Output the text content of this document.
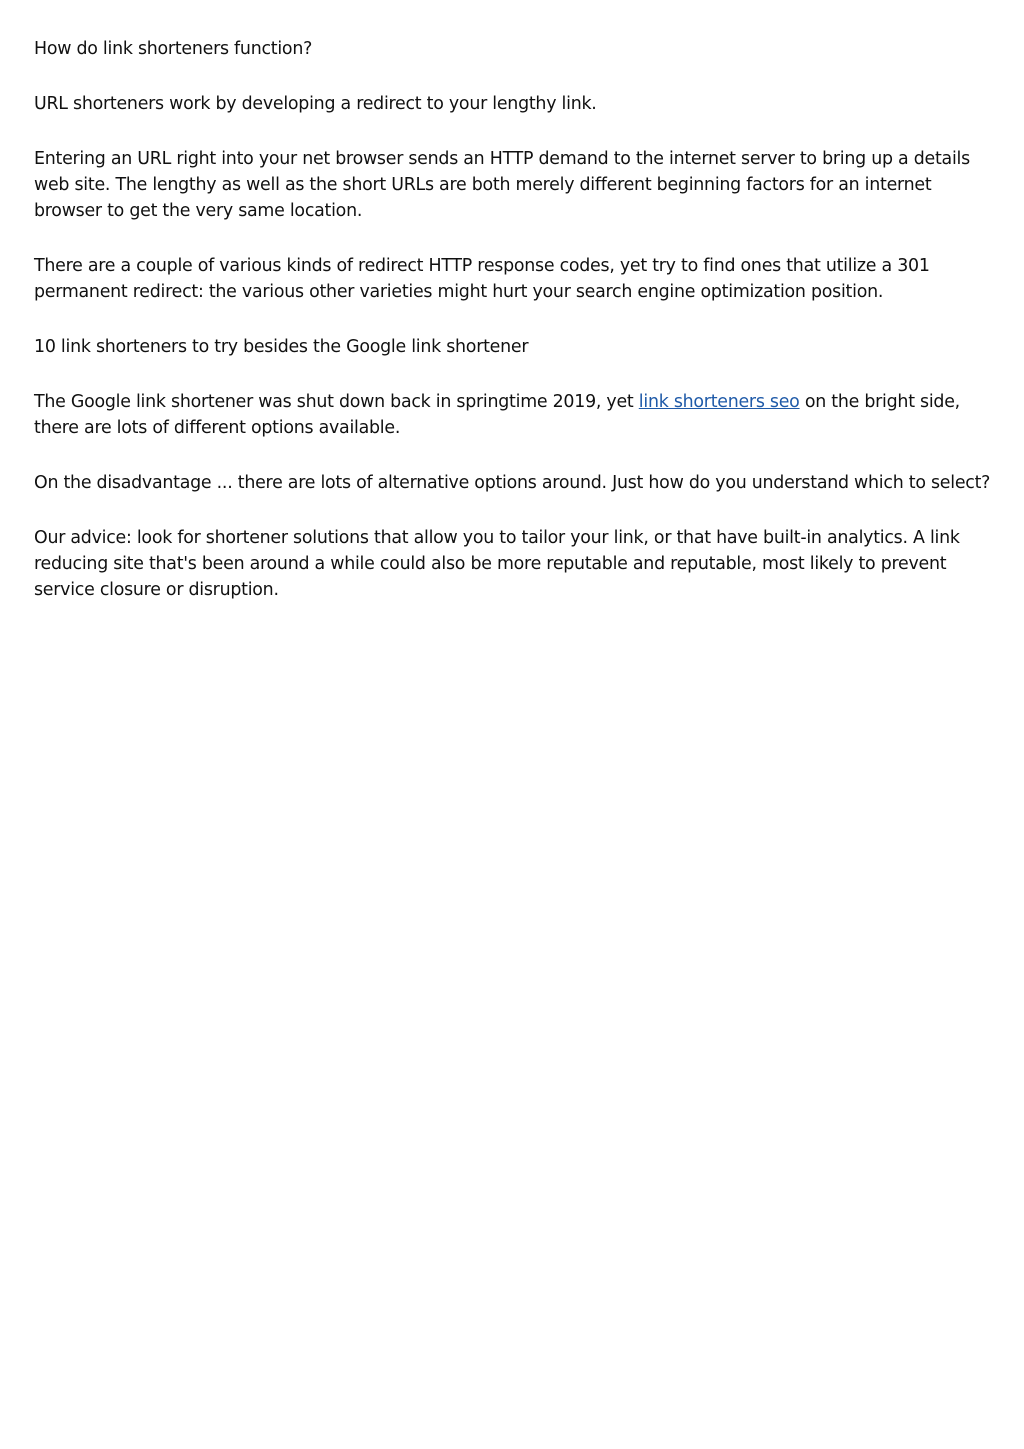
How do link shorteners function?

URL shorteners work by developing a redirect to your lengthy link.

Entering an URL right into your net browser sends an HTTP demand to the internet server to bring up a details web site. The lengthy as well as the short URLs are both merely different beginning factors for an internet browser to get the very same location.

There are a couple of various kinds of redirect HTTP response codes, yet try to find ones that utilize a 301 permanent redirect: the various other varieties might hurt your search engine optimization position.

10 link shorteners to try besides the Google link shortener

The Google link shortener was shut down back in springtime 2019, yet link shorteners seo on the bright side, there are lots of different options available.

On the disadvantage ... there are lots of alternative options around. Just how do you understand which to select?

Our advice: look for shortener solutions that allow you to tailor your link, or that have built-in analytics. A link reducing site that's been around a while could also be more reputable and reputable, most likely to prevent service closure or disruption.
